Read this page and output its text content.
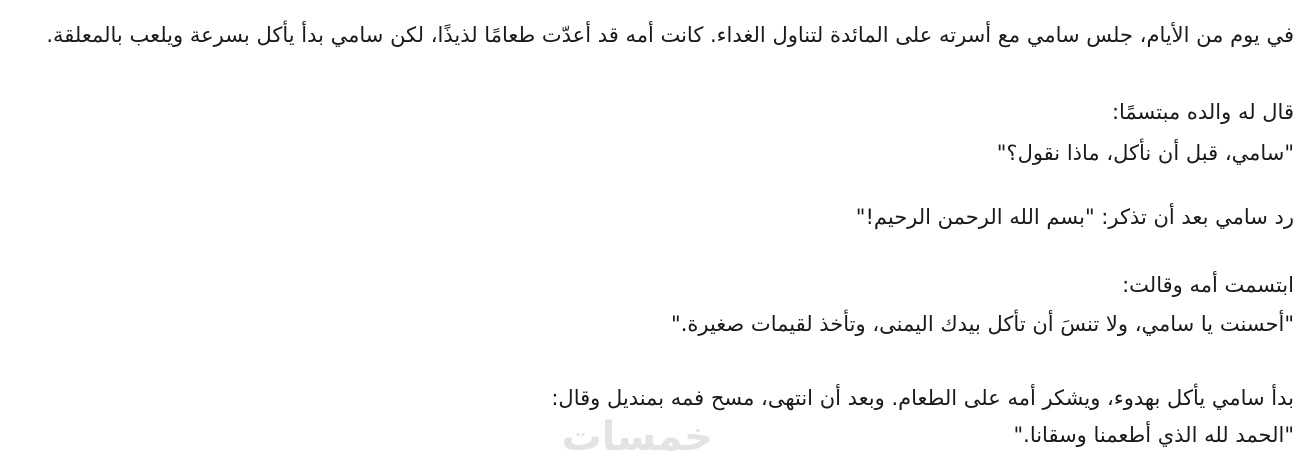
في يوم من الأيام، جلس سامي مع أسرته على المائدة لتناول الغداء. كانت أمه قد أعدّت طعامًا لذيذًا، لكن سامي بدأ يأكل بسرعة ويلعب بالمعلقة.
قال له والده مبتسمًا:
"سامي، قبل أن نأكل، ماذا نقول؟"
رد سامي بعد أن تذكر: "بسم الله الرحمن الرحيم!"
ابتسمت أمه وقالت:
"أحسنت يا سامي، ولا تنسَ أن تأكل بيدك اليمنى، وتأخذ لقيمات صغيرة."
بدأ سامي يأكل بهدوء، ويشكر أمه على الطعام. وبعد أن انتهى، مسح فمه بمنديل وقال:
"الحمد لله الذي أطعمنا وسقانا."
خمسات
